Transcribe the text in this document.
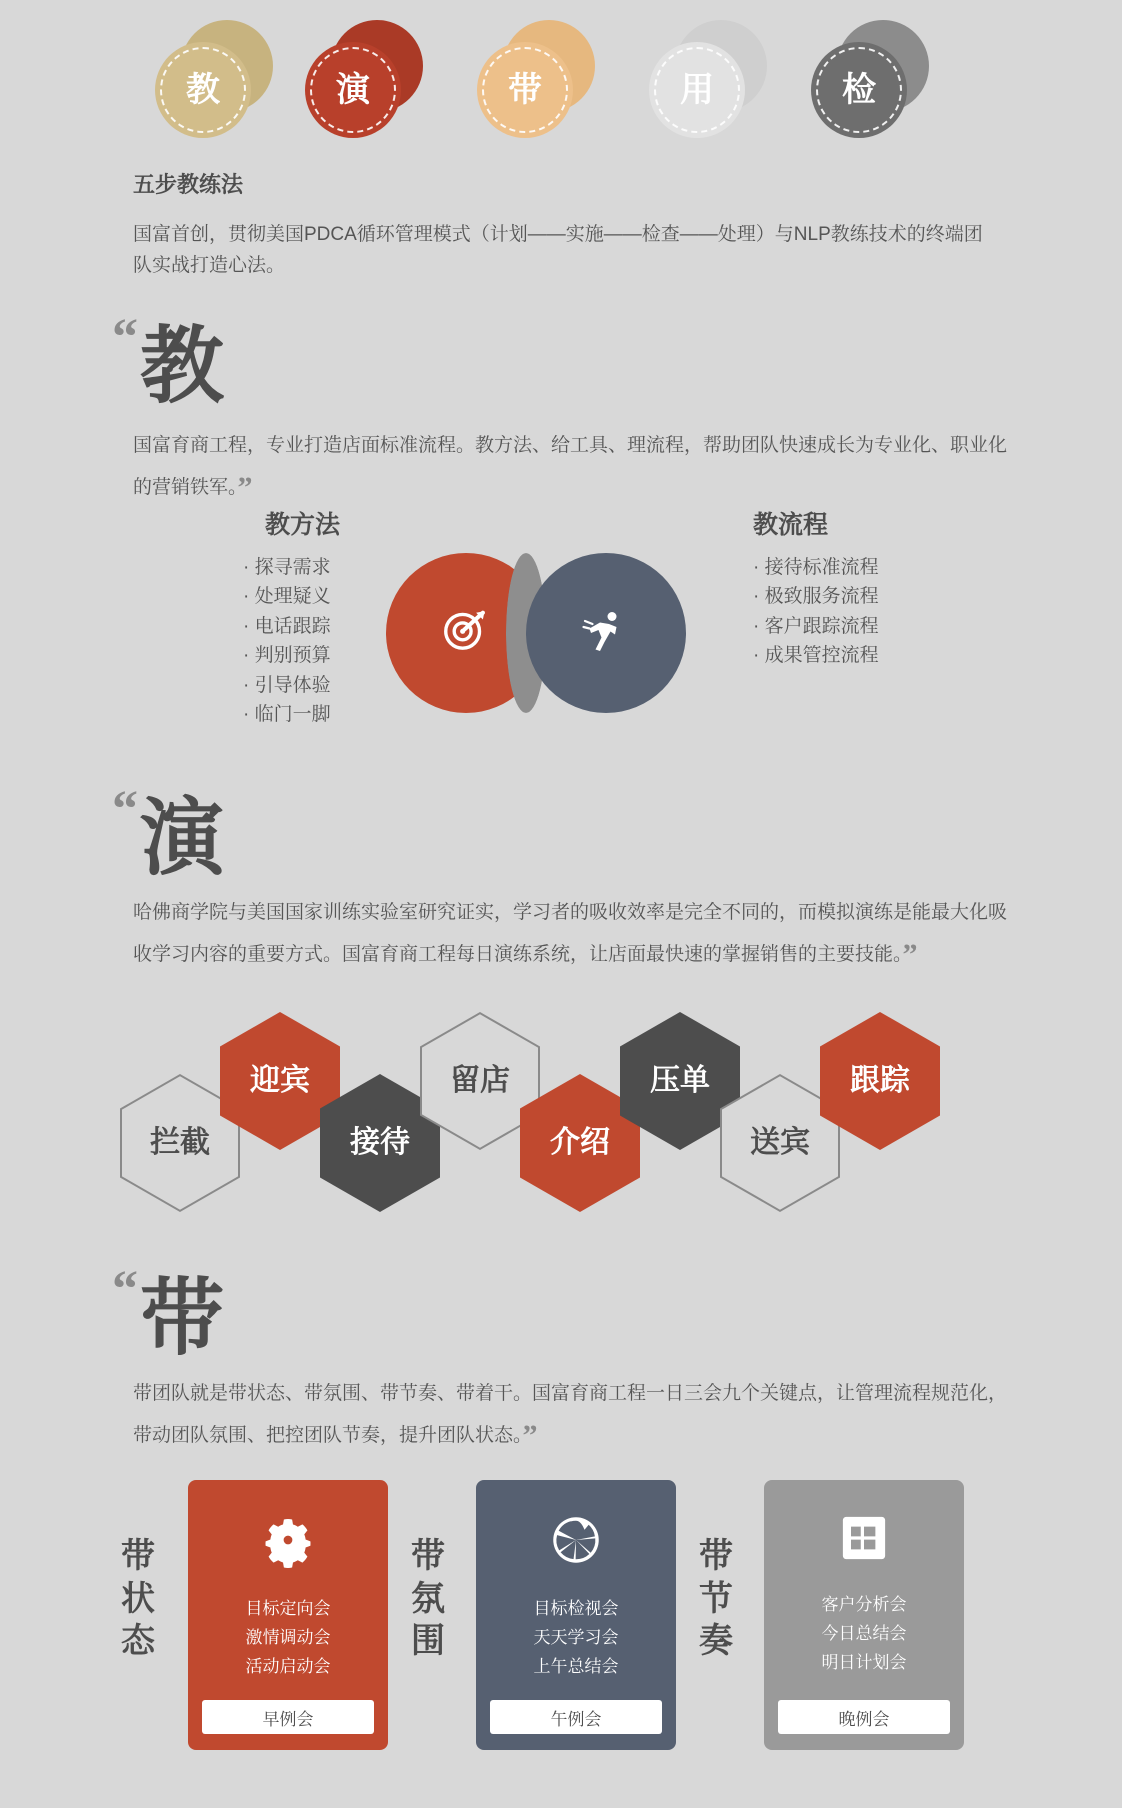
教	演	带	用	检
五步教练法
国富首创，贯彻美国PDCA循环管理模式（计划——实施——检查——处理）与NLP教练技术的终端团队实战打造心法。
“ 教
国富育商工程，专业打造店面标准流程。教方法、给工具、理流程，帮助团队快速成长为专业化、职业化的营销铁军。”
教方法	教流程
· 探寻需求
· 处理疑义
· 电话跟踪
· 判别预算
· 引导体验
· 临门一脚
· 接待标准流程
· 极致服务流程
· 客户跟踪流程
· 成果管控流程
“ 演
哈佛商学院与美国国家训练实验室研究证实，学习者的吸收效率是完全不同的，而模拟演练是能最大化吸收学习内容的重要方式。国富育商工程每日演练系统，让店面最快速的掌握销售的主要技能。”
拦截
迎宾
接待
留店
介绍
压单
送宾
跟踪
“ 带
带团队就是带状态、带氛围、带节奏、带着干。国富育商工程一日三会九个关键点，让管理流程规范化，带动团队氛围、把控团队节奏，提升团队状态。”
带状态
目标定向会
激情调动会
活动启动会
早例会
带氛围
目标检视会
天天学习会
上午总结会
午例会
带节奏
客户分析会
今日总结会
明日计划会
晚例会
